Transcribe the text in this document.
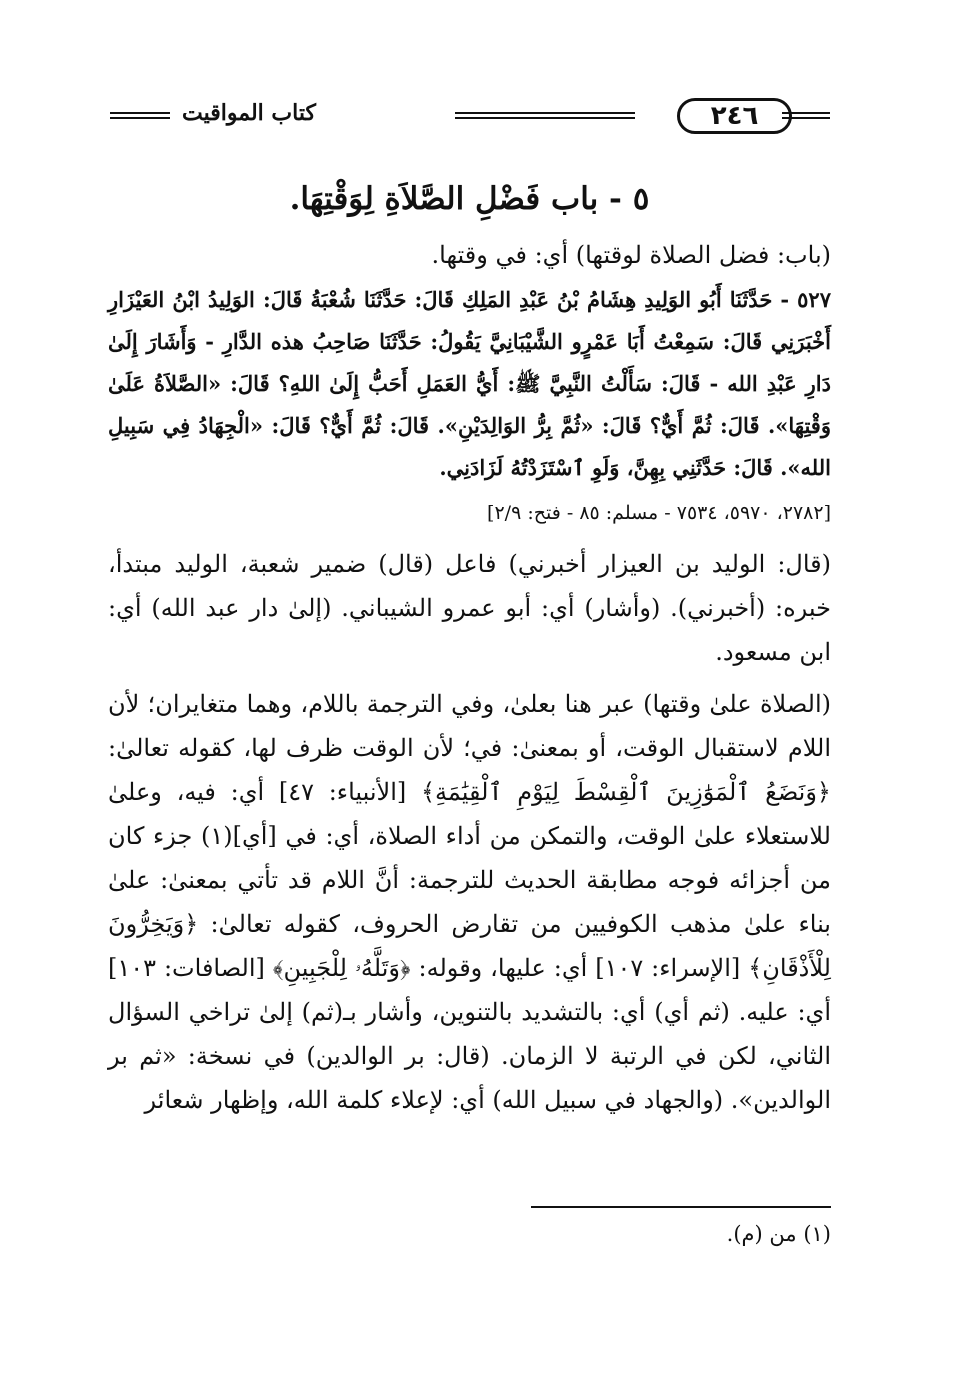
٢٤٦
كتاب المواقيت
٥ - باب فَضْلِ الصَّلاَةِ لِوَقْتِهَا.

(باب: فضل الصلاة لوقتها) أي: في وقتها.

٥٢٧ - حَدَّثَنَا أَبُو الوَلِيدِ هِشَامُ بْنُ عَبْدِ المَلِكِ قَالَ: حَدَّثَنَا شُعْبَةُ قَالَ: الوَلِيدُ ابْنُ العَيْزَارِ أَخْبَرَنِي قَالَ: سَمِعْتُ أَبَا عَمْرٍو الشَّيْبَانِيَّ يَقُولُ: حَدَّثَنَا صَاحِبُ هذه الدَّارِ - وَأَشَارَ إِلَىٰ دَارِ عَبْدِ الله - قَالَ: سَأَلْتُ النَّبِيَّ ﷺ: أَيُّ العَمَلِ أَحَبُّ إِلَىٰ اللهِ؟ قَالَ: «الصَّلاَةُ عَلَىٰ وَقْتِهَا». قَالَ: ثُمَّ أَيٌّ؟ قَالَ: «ثُمَّ بِرُّ الوَالِدَيْنِ». قَالَ: ثُمَّ أَيٌّ؟ قَالَ: «الْجِهَادُ فِي سَبِيلِ الله». قَالَ: حَدَّثَنِي بِهِنَّ، وَلَوِ ٱسْتَزَدْتُهُ لَزَادَنِي.

[٢٧٨٢، ٥٩٧٠، ٧٥٣٤ - مسلم: ٨٥ - فتح: ٢/٩]

(قال: الوليد بن العيزار أخبرني) فاعل (قال) ضمير شعبة، الوليد مبتدأ، خبره: (أخبرني). (وأشار) أي: أبو عمرو الشيباني. (إلىٰ دار عبد الله) أي: ابن مسعود.

(الصلاة علىٰ وقتها) عبر هنا بعلىٰ، وفي الترجمة باللام، وهما متغايران؛ لأن اللام لاستقبال الوقت، أو بمعنىٰ: في؛ لأن الوقت ظرف لها، كقوله تعالىٰ: ﴿وَنَضَعُ ٱلْمَوَٰزِينَ ٱلْقِسْطَ لِيَوْمِ ٱلْقِيَٰمَةِ﴾ [الأنبياء: ٤٧] أي: فيه، وعلىٰ للاستعلاء علىٰ الوقت، والتمكن من أداء الصلاة، أي: في [أي](١) جزء كان من أجزائه فوجه مطابقة الحديث للترجمة: أنَّ اللام قد تأتي بمعنىٰ: علىٰ بناء علىٰ مذهب الكوفيين من تقارض الحروف، كقوله تعالىٰ: ﴿وَيَخِرُّونَ لِلْأَذْقَانِ﴾ [الإسراء: ١٠٧] أي: عليها، وقوله: ﴿وَتَلَّهُۥ لِلْجَبِينِ﴾ [الصافات: ١٠٣] أي: عليه. (ثم أي) أي: بالتشديد بالتنوين، وأشار بـ(ثم) إلىٰ تراخي السؤال الثاني، لكن في الرتبة لا الزمان. (قال: بر الوالدين) في نسخة: «ثم بر الوالدين». (والجهاد في سبيل الله) أي: لإعلاء كلمة الله، وإظهار شعائر

(١) من (م).
